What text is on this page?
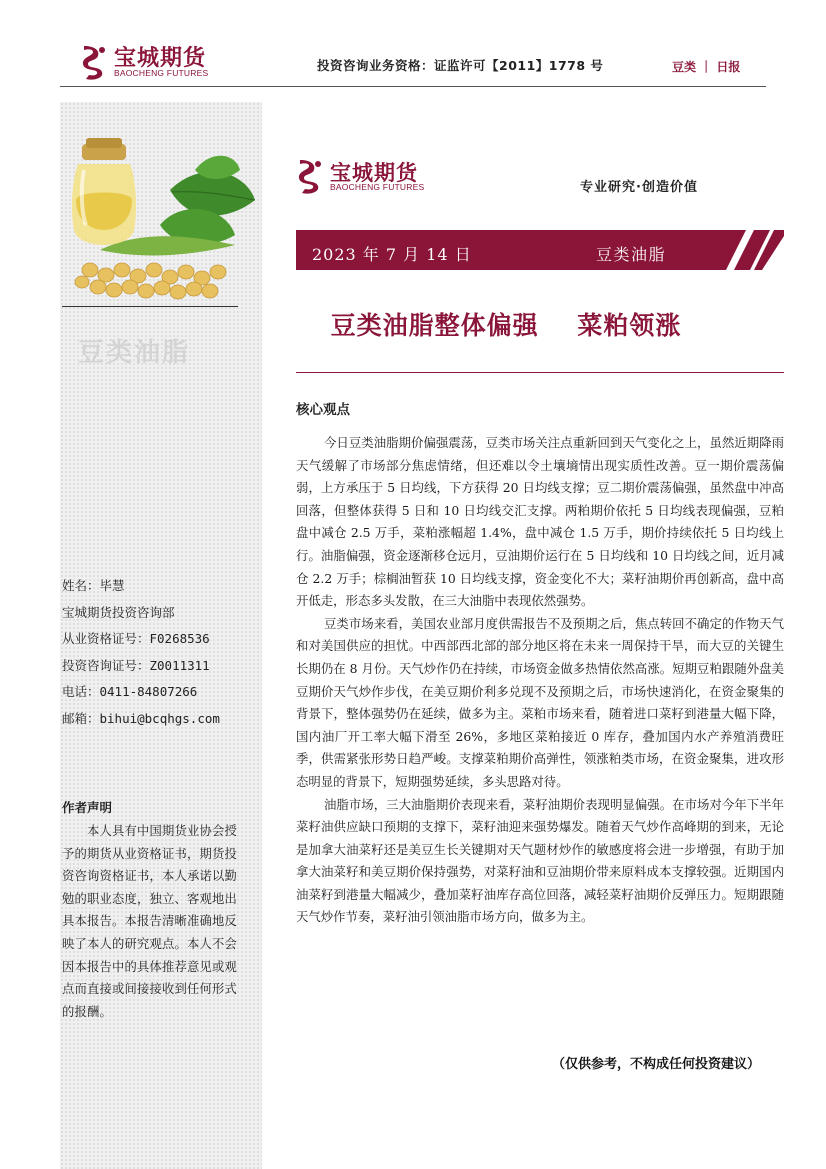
宝城期货
BAOCHENG FUTURES
投资咨询业务资格：证监许可【2011】1778 号	豆类 ｜ 日报
豆类油脂
姓名：毕慧
宝城期货投资咨询部
从业资格证号：F0268536
投资咨询证号：Z0011311
电话：0411-84807266
邮箱：bihui@bcqhgs.com
作者声明
本人具有中国期货业协会授予的期货从业资格证书，期货投资咨询资格证书，本人承诺以勤勉的职业态度，独立、客观地出具本报告。本报告清晰准确地反映了本人的研究观点。本人不会因本报告中的具体推荐意见或观点而直接或间接接收到任何形式的报酬。
宝城期货
BAOCHENG FUTURES	专业研究·创造价值
2023 年 7 月 14 日	豆类油脂
豆类油脂整体偏强    菜粕领涨
核心观点

今日豆类油脂期价偏强震荡，豆类市场关注点重新回到天气变化之上，虽然近期降雨天气缓解了市场部分焦虑情绪，但还难以令土壤墒情出现实质性改善。豆一期价震荡偏弱，上方承压于 5 日均线，下方获得 20 日均线支撑；豆二期价震荡偏强，虽然盘中冲高回落，但整体获得 5 日和 10 日均线交汇支撑。两粕期价依托 5 日均线表现偏强，豆粕盘中减仓 2.5 万手，菜粕涨幅超 1.4%，盘中减仓 1.5 万手，期价持续依托 5 日均线上行。油脂偏强，资金逐渐移仓远月，豆油期价运行在 5 日均线和 10 日均线之间，近月减仓 2.2 万手；棕榈油暂获 10 日均线支撑，资金变化不大；菜籽油期价再创新高，盘中高开低走，形态多头发散，在三大油脂中表现依然强势。

豆类市场来看，美国农业部月度供需报告不及预期之后，焦点转回不确定的作物天气和对美国供应的担忧。中西部西北部的部分地区将在未来一周保持干旱，而大豆的关键生长期仍在 8 月份。天气炒作仍在持续，市场资金做多热情依然高涨。短期豆粕跟随外盘美豆期价天气炒作步伐，在美豆期价利多兑现不及预期之后，市场快速消化，在资金聚集的背景下，整体强势仍在延续，做多为主。菜粕市场来看，随着进口菜籽到港量大幅下降，国内油厂开工率大幅下滑至 26%，多地区菜粕接近 0 库存，叠加国内水产养殖消费旺季，供需紧张形势日趋严峻。支撑菜粕期价高弹性，领涨粕类市场，在资金聚集，进攻形态明显的背景下，短期强势延续，多头思路对待。

油脂市场，三大油脂期价表现来看，菜籽油期价表现明显偏强。在市场对今年下半年菜籽油供应缺口预期的支撑下，菜籽油迎来强势爆发。随着天气炒作高峰期的到来，无论是加拿大油菜籽还是美豆生长关键期对天气题材炒作的敏感度将会进一步增强，有助于加拿大油菜籽和美豆期价保持强势，对菜籽油和豆油期价带来原料成本支撑较强。近期国内油菜籽到港量大幅减少，叠加菜籽油库存高位回落，减轻菜籽油期价反弹压力。短期跟随天气炒作节奏，菜籽油引领油脂市场方向，做多为主。

（仅供参考，不构成任何投资建议）
